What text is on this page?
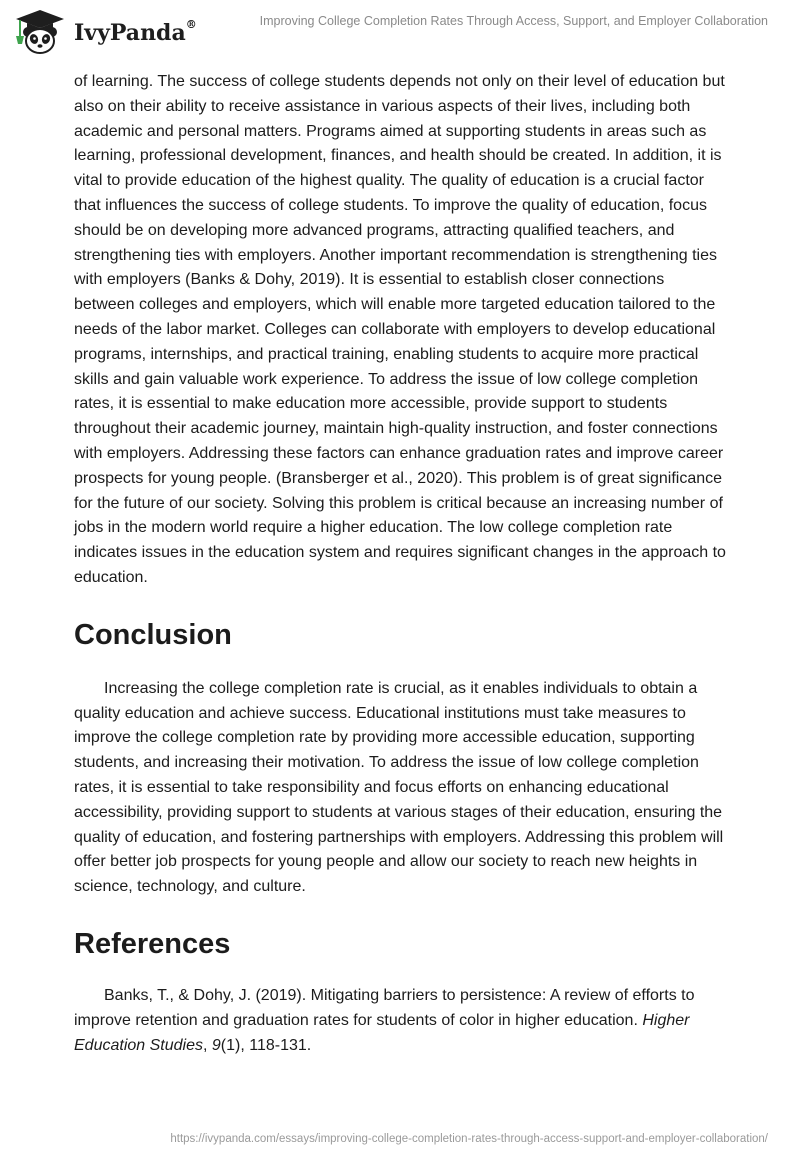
IvyPanda®	Improving College Completion Rates Through Access, Support, and Employer Collaboration

of learning. The success of college students depends not only on their level of education but also on their ability to receive assistance in various aspects of their lives, including both academic and personal matters. Programs aimed at supporting students in areas such as learning, professional development, finances, and health should be created. In addition, it is vital to provide education of the highest quality. The quality of education is a crucial factor that influences the success of college students. To improve the quality of education, focus should be on developing more advanced programs, attracting qualified teachers, and strengthening ties with employers. Another important recommendation is strengthening ties with employers (Banks & Dohy, 2019). It is essential to establish closer connections between colleges and employers, which will enable more targeted education tailored to the needs of the labor market. Colleges can collaborate with employers to develop educational programs, internships, and practical training, enabling students to acquire more practical skills and gain valuable work experience. To address the issue of low college completion rates, it is essential to make education more accessible, provide support to students throughout their academic journey, maintain high-quality instruction, and foster connections with employers. Addressing these factors can enhance graduation rates and improve career prospects for young people. (Bransberger et al., 2020). This problem is of great significance for the future of our society. Solving this problem is critical because an increasing number of jobs in the modern world require a higher education. The low college completion rate indicates issues in the education system and requires significant changes in the approach to education.

Conclusion

Increasing the college completion rate is crucial, as it enables individuals to obtain a quality education and achieve success. Educational institutions must take measures to improve the college completion rate by providing more accessible education, supporting students, and increasing their motivation. To address the issue of low college completion rates, it is essential to take responsibility and focus efforts on enhancing educational accessibility, providing support to students at various stages of their education, ensuring the quality of education, and fostering partnerships with employers. Addressing this problem will offer better job prospects for young people and allow our society to reach new heights in science, technology, and culture.

References

Banks, T., & Dohy, J. (2019). Mitigating barriers to persistence: A review of efforts to improve retention and graduation rates for students of color in higher education. Higher Education Studies, 9(1), 118-131.

https://ivypanda.com/essays/improving-college-completion-rates-through-access-support-and-employer-collaboration/
